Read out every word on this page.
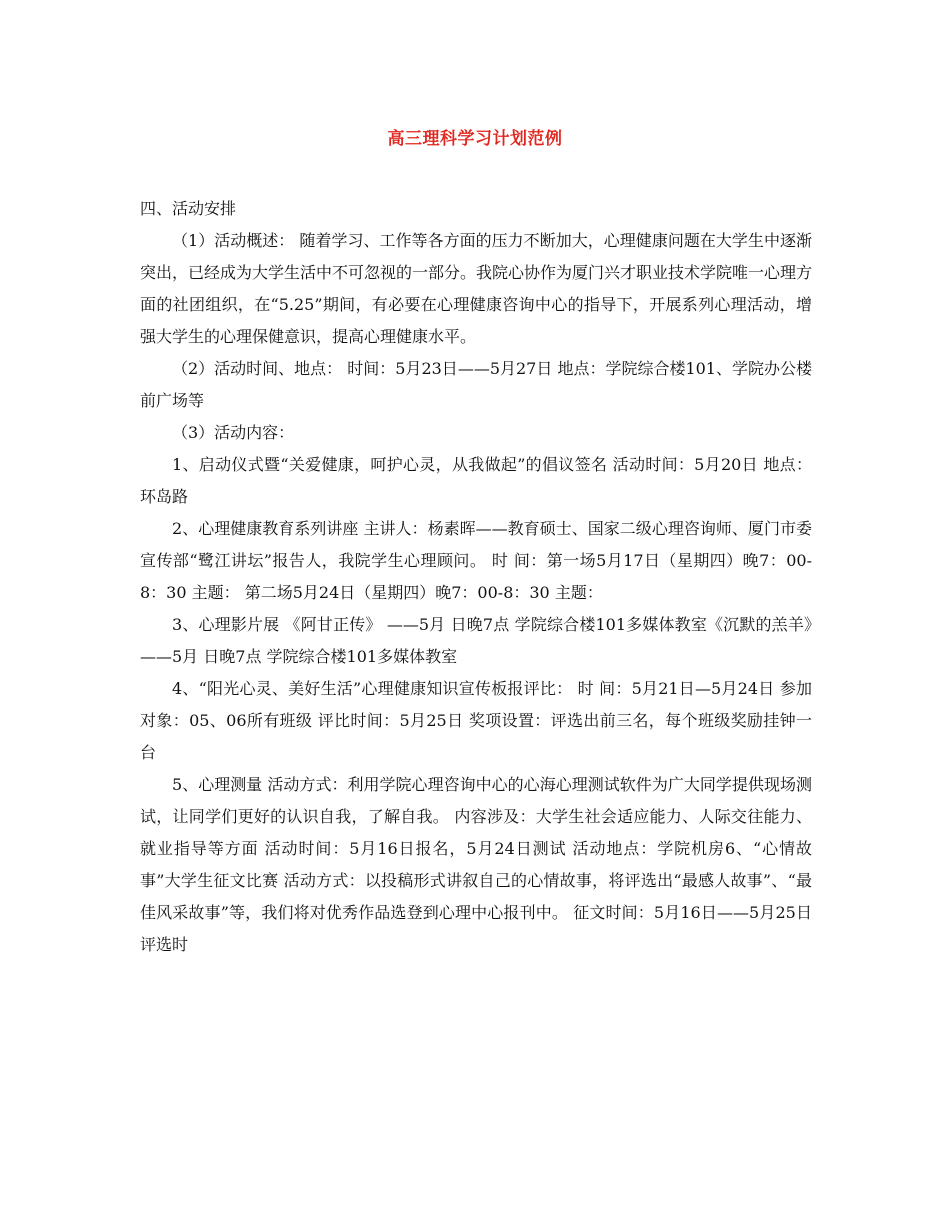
高三理科学习计划范例

四、活动安排

（1）活动概述： 随着学习、工作等各方面的压力不断加大，心理健康问题在大学生中逐渐突出，已经成为大学生活中不可忽视的一部分。我院心协作为厦门兴才职业技术学院唯一心理方面的社团组织，在“5.25”期间，有必要在心理健康咨询中心的指导下，开展系列心理活动，增强大学生的心理保健意识，提高心理健康水平。

（2）活动时间、地点： 时间：5月23日——5月27日 地点：学院综合楼101、学院办公楼前广场等

（3）活动内容：

1、启动仪式暨“关爱健康，呵护心灵，从我做起”的倡议签名 活动时间：5月20日 地点：环岛路

2、心理健康教育系列讲座 主讲人：杨素晖——教育硕士、国家二级心理咨询师、厦门市委宣传部“鹭江讲坛”报告人，我院学生心理顾问。 时 间：第一场5月17日（星期四）晚7：00-8：30 主题： 第二场5月24日（星期四）晚7：00-8：30 主题：

3、心理影片展 《阿甘正传》 ——5月 日晚7点 学院综合楼101多媒体教室《沉默的羔羊》——5月 日晚7点 学院综合楼101多媒体教室

4、“阳光心灵、美好生活”心理健康知识宣传板报评比： 时 间：5月21日—5月24日 参加对象：05、06所有班级 评比时间：5月25日 奖项设置：评选出前三名，每个班级奖励挂钟一台

5、心理测量 活动方式：利用学院心理咨询中心的心海心理测试软件为广大同学提供现场测试，让同学们更好的认识自我，了解自我。 内容涉及：大学生社会适应能力、人际交往能力、就业指导等方面 活动时间：5月16日报名，5月24日测试 活动地点：学院机房6、“心情故事”大学生征文比赛 活动方式：以投稿形式讲叙自己的心情故事，将评选出“最感人故事”、“最佳风采故事”等，我们将对优秀作品选登到心理中心报刊中。 征文时间：5月16日——5月25日 评选时
